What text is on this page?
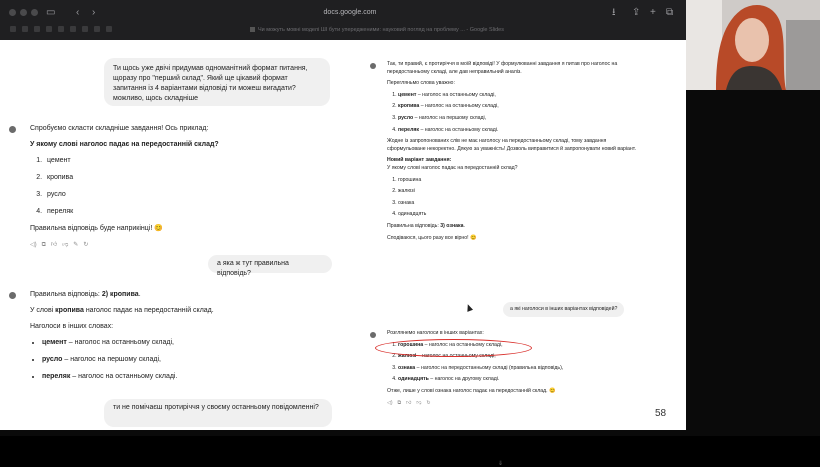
▭ ‹ ›	docs.google.com	⭳ ⇪ + ⧉
Чи можуть мовні моделі ШІ бути упередженими: науковий погляд на проблему ... - Google Slides
Ти щось уже двічі придумав одноманітний формат питання, щоразу про "перший склад". Який ще цікавий формат запитання із 4 варіантами відповіді ти можеш вигадати? можливо, щось складніше

Спробуємо скласти складніше завдання! Ось приклад:

У якому слові наголос падає на передостанній склад?

1. цемент
2. кропива
3. русло
4. переляк

Правильна відповідь буде наприкінці! 😊

◁) ⧉ 👍︎ 👎︎ ✎ ↻
а яка ж тут правильна відповідь?

Правильна відповідь: 2) кропива.

У слові кропива наголос падає на передостанній склад.

Наголоси в інших словах:

• цемент – наголос на останньому складі,
• русло – наголос на першому складі,
• переляк – наголос на останньому складі.
ти не помічаєш протиріччя у своєму останньому повідомленні?

Так, ти правий, є протиріччя в моїй відповіді! У формулюванні завдання я питав про наголос на передостанньому складі, але дав неправильний аналіз.

Перегляньмо слова уважно:

1. цемент – наголос на останньому складі,
2. кропива – наголос на останньому складі,
3. русло – наголос на першому складі,
4. переляк – наголос на останньому складі.

Жодне із запропонованих слів не має наголосу на передостанньому складі, тому завдання сформульоване некоректно. Дякую за уважність! Дозволь виправитися й запропонувати новий варіант.

Новий варіант завдання:

У якому слові наголос падає на передостанній склад?

1. горошина
2. жалюзі
3. ознака
4. одинадцять

Правильна відповідь: 3) ознака.

Сподіваюся, цього разу все вірно! 😊

а які наголоси в інших варіантах відповідей?

Розглянемо наголоси в інших варіантах:

1. горошина – наголос на останньому складі,
2. жалюзі – наголос на останньому складі,
3. ознака – наголос на передостанньому складі (правильна відповідь),
4. одинадцять – наголос на другому складі.

Отже, лише у слові ознака наголос падає на передостанній склад. 😊

◁) ⧉ 👍︎ 👎︎ ↻
⇓
58
